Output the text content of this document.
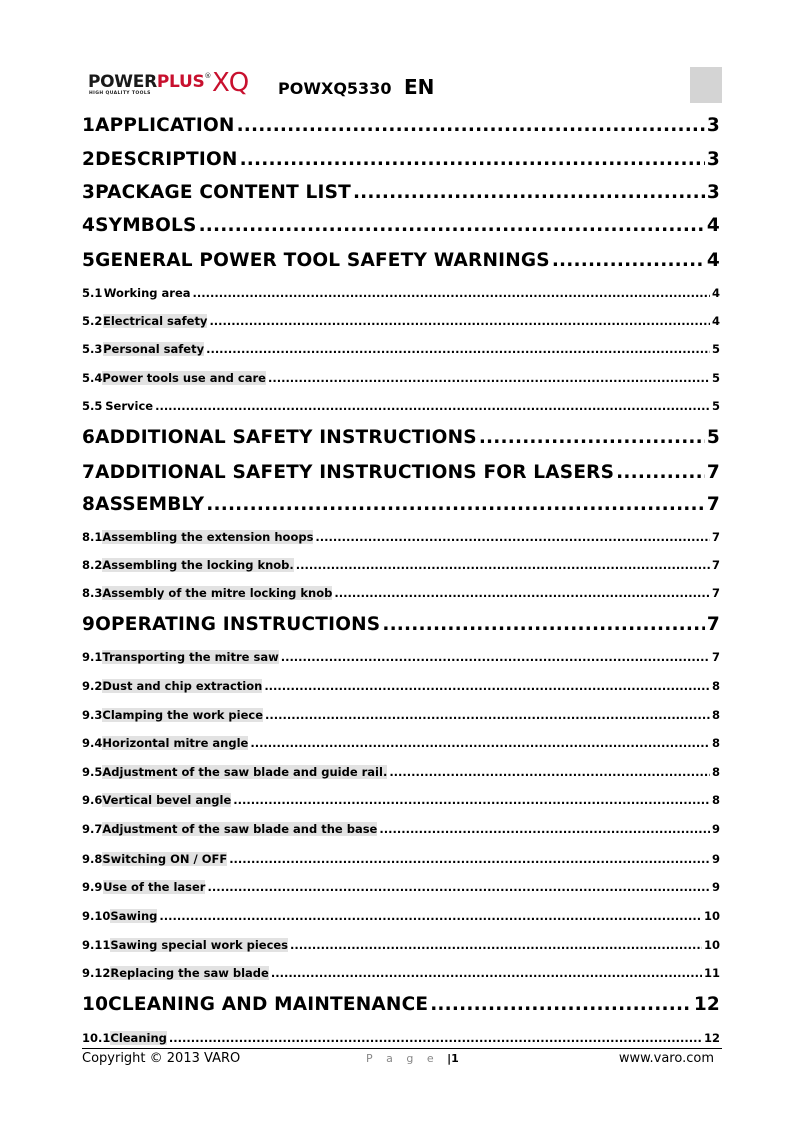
POWERPLUS®
HIGH QUALITY TOOLS XQ POWXQ5330 EN
1 APPLICATION .....	3
2 DESCRIPTION .....	3
3 PACKAGE CONTENT LIST .....	3
4 SYMBOLS .....	4
5 GENERAL POWER TOOL SAFETY WARNINGS .....	4
5.1 Working area .....	4
5.2 Electrical safety .....	4
5.3 Personal safety .....	5
5.4 Power tools use and care .....	5
5.5 Service .....	5
6 ADDITIONAL SAFETY INSTRUCTIONS .....	5
7 ADDITIONAL SAFETY INSTRUCTIONS FOR LASERS .....	7
8 ASSEMBLY .....	7
8.1 Assembling the extension hoops .....	7
8.2 Assembling the locking knob. .....	7
8.3 Assembly of the mitre locking knob .....	7
9 OPERATING INSTRUCTIONS .....	7
9.1 Transporting the mitre saw .....	7
9.2 Dust and chip extraction .....	8
9.3 Clamping the work piece .....	8
9.4 Horizontal mitre angle .....	8
9.5 Adjustment of the saw blade and guide rail. .....	8
9.6 Vertical bevel angle .....	8
9.7 Adjustment of the saw blade and the base .....	9
9.8 Switching ON / OFF .....	9
9.9 Use of the laser .....	9
9.10 Sawing .....	10
9.11 Sawing special work pieces .....	10
9.12 Replacing the saw blade .....	11
10 CLEANING AND MAINTENANCE .....	12
10.1 Cleaning .....	12
Copyright © 2013 VARO	P a g e |1	www.varo.com
